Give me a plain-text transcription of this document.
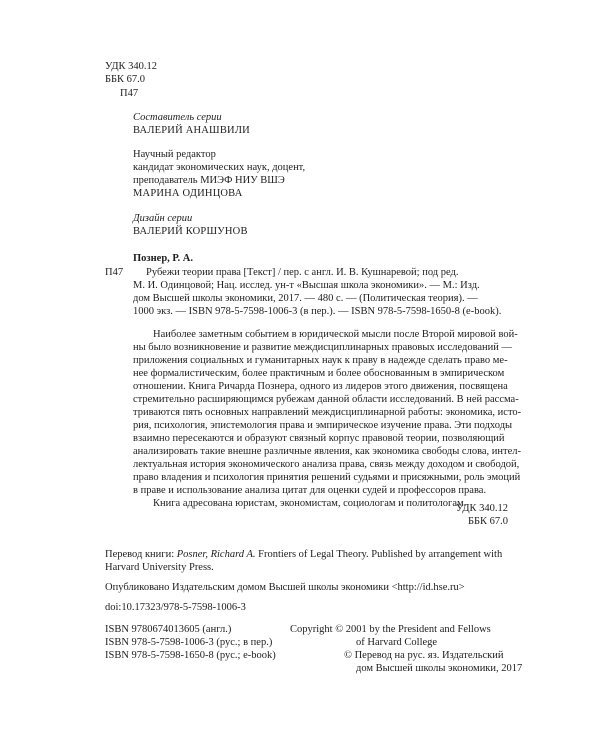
УДК 340.12
ББК 67.0
П47
Составитель серии
ВАЛЕРИЙ АНАШВИЛИ
Научный редактор
кандидат экономических наук, доцент,
преподаватель МИЭФ НИУ ВШЭ
МАРИНА ОДИНЦОВА
Дизайн серии
ВАЛЕРИЙ КОРШУНОВ
Познер, Р. А.
П47 Рубежи теории права [Текст] / пер. с англ. И. В. Кушнаревой; под ред.
М. И. Одинцовой; Нац. исслед. ун-т «Высшая школа экономики». — М.: Изд.
дом Высшей школы экономики, 2017. — 480 с. — (Политическая теория). —
1000 экз. — ISBN 978-5-7598-1006-3 (в пер.). — ISBN 978-5-7598-1650-8 (e-book).
Наиболее заметным событием в юридической мысли после Второй мировой вой-
ны было возникновение и развитие междисциплинарных правовых исследований —
приложения социальных и гуманитарных наук к праву в надежде сделать право ме-
нее формалистическим, более практичным и более обоснованным в эмпирическом
отношении. Книга Ричарда Познера, одного из лидеров этого движения, посвящена
стремительно расширяющимся рубежам данной области исследований. В ней рассма-
триваются пять основных направлений междисциплинарной работы: экономика, исто-
рия, психология, эпистемология права и эмпирическое изучение права. Эти подходы
взаимно пересекаются и образуют связный корпус правовой теории, позволяющий
анализировать такие внешне различные явления, как экономика свободы слова, интел-
лектуальная история экономического анализа права, связь между доходом и свободой,
право владения и психология принятия решений судьями и присяжными, роль эмоций
в праве и использование анализа цитат для оценки судей и профессоров права.
Книга адресована юристам, экономистам, социологам и политологам.
УДК 340.12
ББК 67.0
Перевод книги: Posner, Richard A. Frontiers of Legal Theory. Published by arrangement with
Harvard University Press.
Опубликовано Издательским домом Высшей школы экономики <http://id.hse.ru>
doi:10.17323/978-5-7598-1006-3
ISBN 9780674013605 (англ.)
ISBN 978-5-7598-1006-3 (рус.; в пер.)
ISBN 978-5-7598-1650-8 (рус.; e-book)
Copyright © 2001 by the President and Fellows
of Harvard College
© Перевод на рус. яз. Издательский
дом Высшей школы экономики, 2017
